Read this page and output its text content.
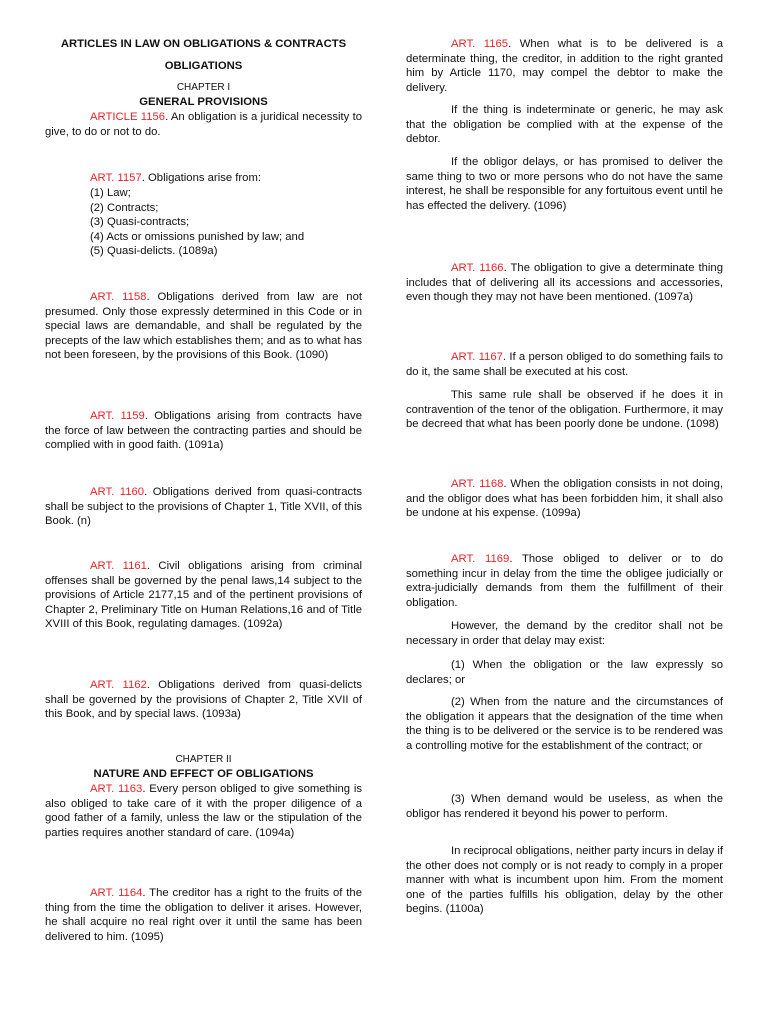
ARTICLES IN LAW ON OBLIGATIONS & CONTRACTS

OBLIGATIONS

CHAPTER I

GENERAL PROVISIONS

ARTICLE 1156. An obligation is a juridical necessity to give, to do or not to do.

ART. 1157. Obligations arise from:

(1) Law;
(2) Contracts;
(3) Quasi-contracts;
(4) Acts or omissions punished by law; and
(5) Quasi-delicts. (1089a)

ART. 1158. Obligations derived from law are not presumed. Only those expressly determined in this Code or in special laws are demandable, and shall be regulated by the precepts of the law which establishes them; and as to what has not been foreseen, by the provisions of this Book. (1090)

ART. 1159. Obligations arising from contracts have the force of law between the contracting parties and should be complied with in good faith. (1091a)

ART. 1160. Obligations derived from quasi-contracts shall be subject to the provisions of Chapter 1, Title XVII, of this Book. (n)

ART. 1161. Civil obligations arising from criminal offenses shall be governed by the penal laws,14 subject to the provisions of Article 2177,15 and of the pertinent provisions of Chapter 2, Preliminary Title on Human Relations,16 and of Title XVIII of this Book, regulating damages. (1092a)

ART. 1162. Obligations derived from quasi-delicts shall be governed by the provisions of Chapter 2, Title XVII of this Book, and by special laws. (1093a)

CHAPTER II

NATURE AND EFFECT OF OBLIGATIONS

ART. 1163. Every person obliged to give something is also obliged to take care of it with the proper diligence of a good father of a family, unless the law or the stipulation of the parties requires another standard of care. (1094a)

ART. 1164. The creditor has a right to the fruits of the thing from the time the obligation to deliver it arises. However, he shall acquire no real right over it until the same has been delivered to him. (1095)

ART. 1165. When what is to be delivered is a determinate thing, the creditor, in addition to the right granted him by Article 1170, may compel the debtor to make the delivery.

If the thing is indeterminate or generic, he may ask that the obligation be complied with at the expense of the debtor.

If the obligor delays, or has promised to deliver the same thing to two or more persons who do not have the same interest, he shall be responsible for any fortuitous event until he has effected the delivery. (1096)

ART. 1166. The obligation to give a determinate thing includes that of delivering all its accessions and accessories, even though they may not have been mentioned. (1097a)

ART. 1167. If a person obliged to do something fails to do it, the same shall be executed at his cost.

This same rule shall be observed if he does it in contravention of the tenor of the obligation. Furthermore, it may be decreed that what has been poorly done be undone. (1098)

ART. 1168. When the obligation consists in not doing, and the obligor does what has been forbidden him, it shall also be undone at his expense. (1099a)

ART. 1169. Those obliged to deliver or to do something incur in delay from the time the obligee judicially or extra-judicially demands from them the fulfillment of their obligation.

However, the demand by the creditor shall not be necessary in order that delay may exist:

(1) When the obligation or the law expressly so declares; or

(2) When from the nature and the circumstances of the obligation it appears that the designation of the time when the thing is to be delivered or the service is to be rendered was a controlling motive for the establishment of the contract; or

(3) When demand would be useless, as when the obligor has rendered it beyond his power to perform.

In reciprocal obligations, neither party incurs in delay if the other does not comply or is not ready to comply in a proper manner with what is incumbent upon him. From the moment one of the parties fulfills his obligation, delay by the other begins. (1100a)
